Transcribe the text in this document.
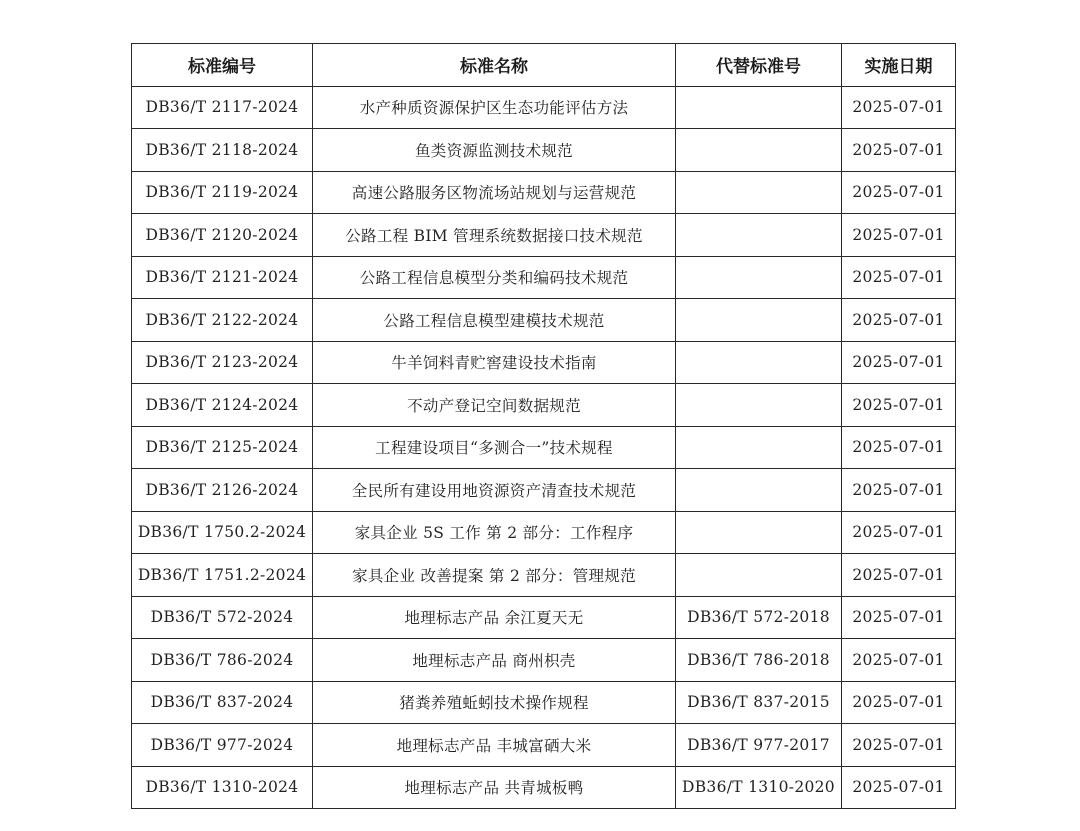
标准编号	标准名称	代替标准号	实施日期
DB36/T 2117-2024	水产种质资源保护区生态功能评估方法		2025-07-01
DB36/T 2118-2024	鱼类资源监测技术规范		2025-07-01
DB36/T 2119-2024	高速公路服务区物流场站规划与运营规范		2025-07-01
DB36/T 2120-2024	公路工程 BIM 管理系统数据接口技术规范		2025-07-01
DB36/T 2121-2024	公路工程信息模型分类和编码技术规范		2025-07-01
DB36/T 2122-2024	公路工程信息模型建模技术规范		2025-07-01
DB36/T 2123-2024	牛羊饲料青贮窖建设技术指南		2025-07-01
DB36/T 2124-2024	不动产登记空间数据规范		2025-07-01
DB36/T 2125-2024	工程建设项目“多测合一”技术规程		2025-07-01
DB36/T 2126-2024	全民所有建设用地资源资产清查技术规范		2025-07-01
DB36/T 1750.2-2024	家具企业 5S 工作 第 2 部分：工作程序		2025-07-01
DB36/T 1751.2-2024	家具企业 改善提案 第 2 部分：管理规范		2025-07-01
DB36/T 572-2024	地理标志产品 余江夏天无	DB36/T 572-2018	2025-07-01
DB36/T 786-2024	地理标志产品 商州枳壳	DB36/T 786-2018	2025-07-01
DB36/T 837-2024	猪粪养殖蚯蚓技术操作规程	DB36/T 837-2015	2025-07-01
DB36/T 977-2024	地理标志产品 丰城富硒大米	DB36/T 977-2017	2025-07-01
DB36/T 1310-2024	地理标志产品 共青城板鸭	DB36/T 1310-2020	2025-07-01
